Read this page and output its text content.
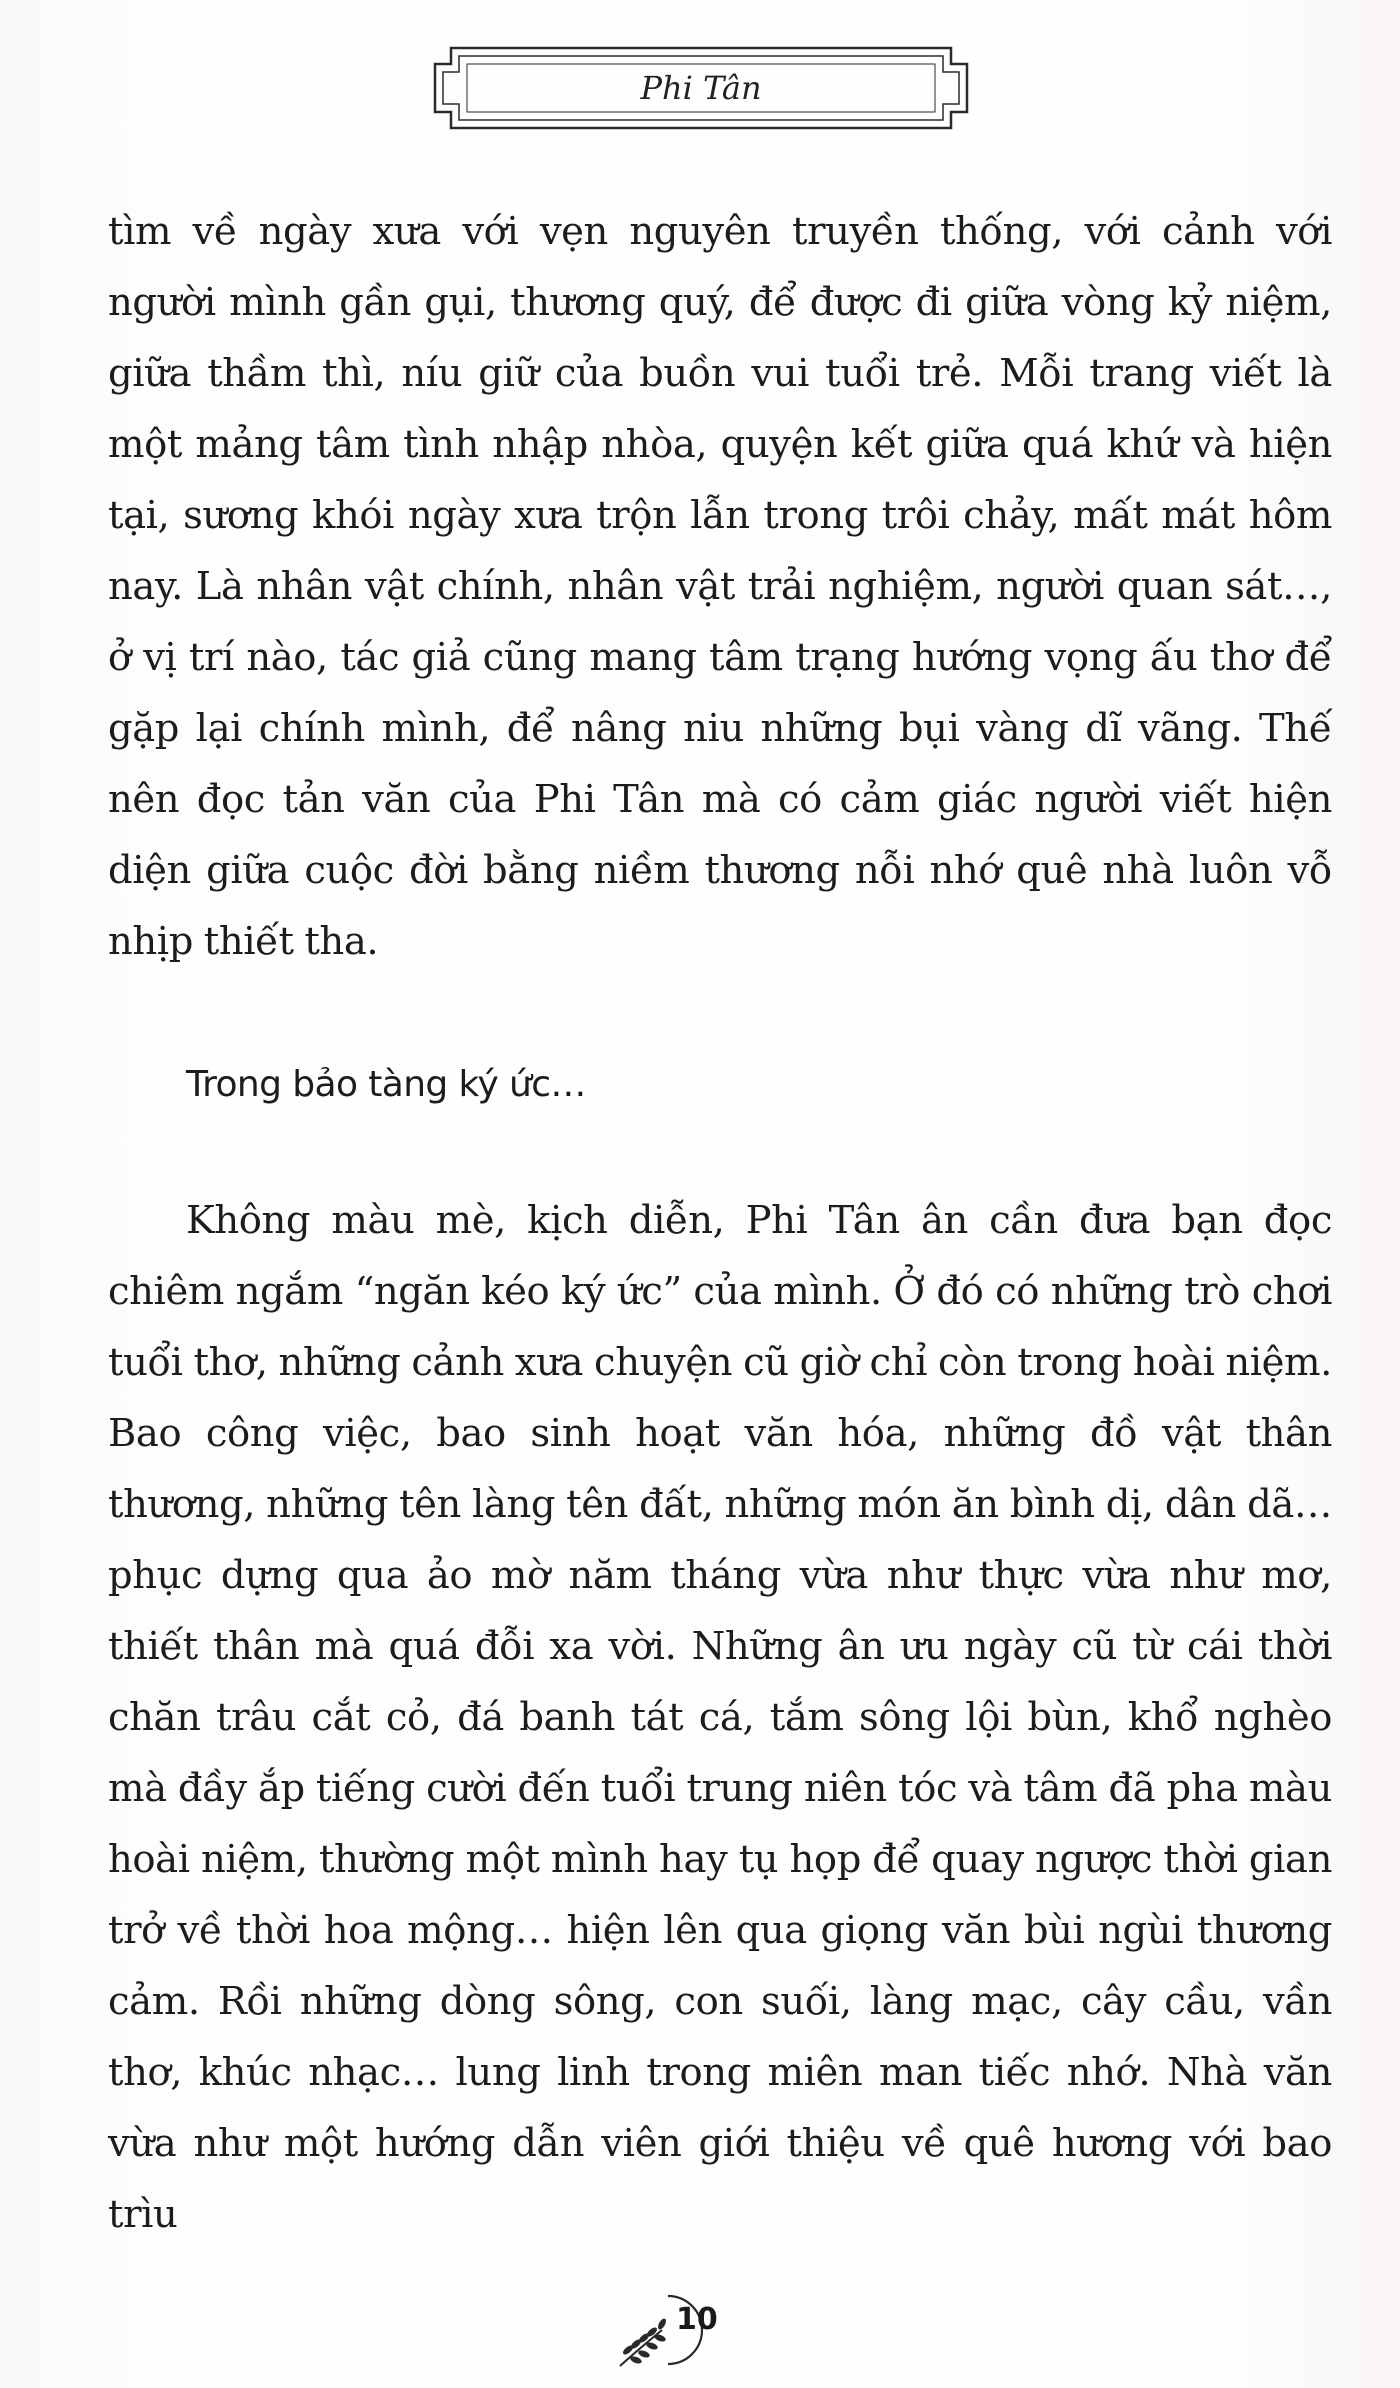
Phi Tân

tìm về ngày xưa với vẹn nguyên truyền thống, với cảnh với người mình gần gụi, thương quý, để được đi giữa vòng kỷ niệm, giữa thầm thì, níu giữ của buồn vui tuổi trẻ. Mỗi trang viết là một mảng tâm tình nhập nhòa, quyện kết giữa quá khứ và hiện tại, sương khói ngày xưa trộn lẫn trong trôi chảy, mất mát hôm nay. Là nhân vật chính, nhân vật trải nghiệm, người quan sát…, ở vị trí nào, tác giả cũng mang tâm trạng hướng vọng ấu thơ để gặp lại chính mình, để nâng niu những bụi vàng dĩ vãng. Thế nên đọc tản văn của Phi Tân mà có cảm giác người viết hiện diện giữa cuộc đời bằng niềm thương nỗi nhớ quê nhà luôn vỗ nhịp thiết tha.

Trong bảo tàng ký ức…

Không màu mè, kịch diễn, Phi Tân ân cần đưa bạn đọc chiêm ngắm “ngăn kéo ký ức” của mình. Ở đó có những trò chơi tuổi thơ, những cảnh xưa chuyện cũ giờ chỉ còn trong hoài niệm. Bao công việc, bao sinh hoạt văn hóa, những đồ vật thân thương, những tên làng tên đất, những món ăn bình dị, dân dã… phục dựng qua ảo mờ năm tháng vừa như thực vừa như mơ, thiết thân mà quá đỗi xa vời. Những ân ưu ngày cũ từ cái thời chăn trâu cắt cỏ, đá banh tát cá, tắm sông lội bùn, khổ nghèo mà đầy ắp tiếng cười đến tuổi trung niên tóc và tâm đã pha màu hoài niệm, thường một mình hay tụ họp để quay ngược thời gian trở về thời hoa mộng… hiện lên qua giọng văn bùi ngùi thương cảm. Rồi những dòng sông, con suối, làng mạc, cây cầu, vần thơ, khúc nhạc… lung linh trong miên man tiếc nhớ. Nhà văn vừa như một hướng dẫn viên giới thiệu về quê hương với bao trìu

10
